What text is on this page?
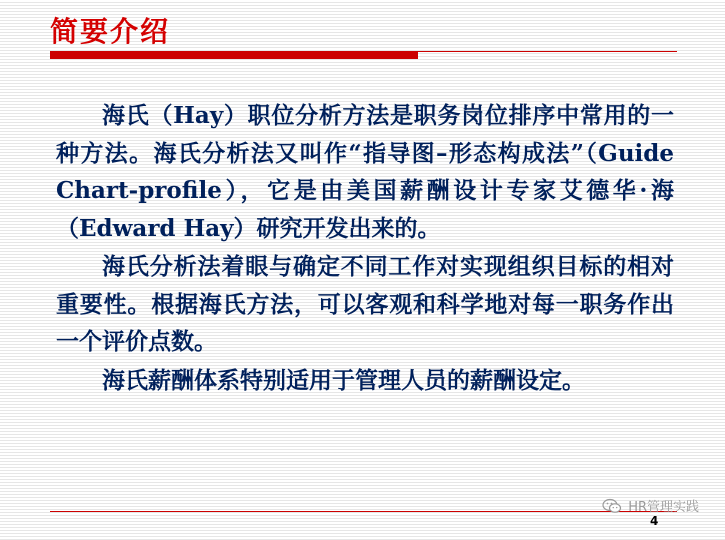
简要介绍

海氏（Hay）职位分析方法是职务岗位排序中常用的一种方法。海氏分析法又叫作“指导图–形态构成法”（Guide Chart-profile），它是由美国薪酬设计专家艾德华·海（Edward Hay）研究开发出来的。

海氏分析法着眼与确定不同工作对实现组织目标的相对重要性。根据海氏方法，可以客观和科学地对每一职务作出一个评价点数。

海氏薪酬体系特别适用于管理人员的薪酬设定。

HR管理实践
4
